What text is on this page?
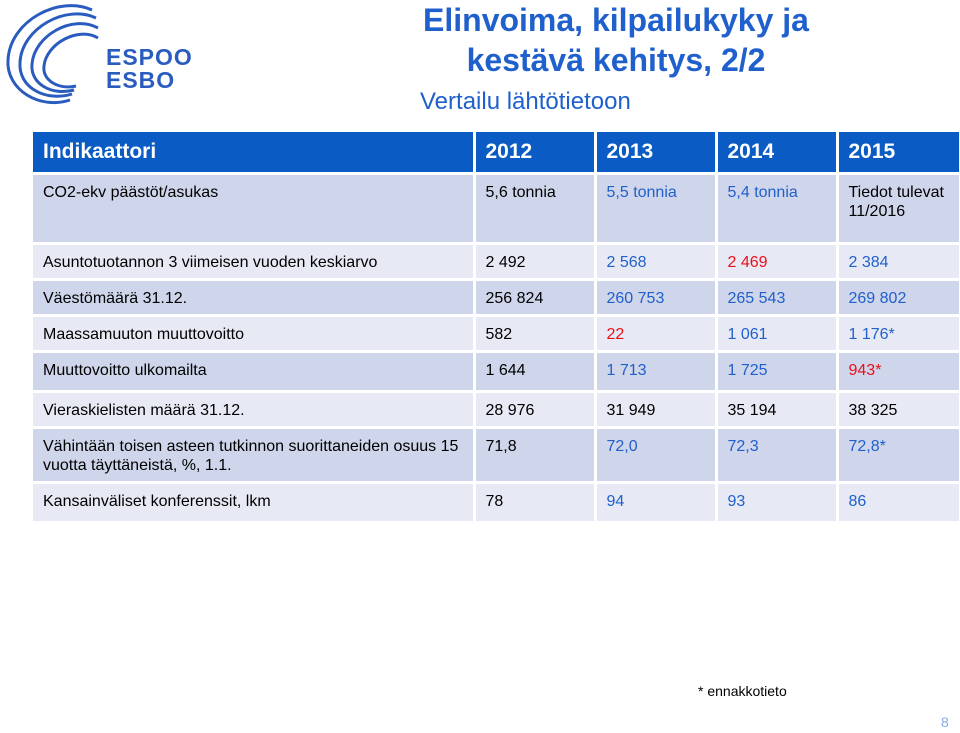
ESPOO
ESBO
Elinvoima, kilpailukyky ja
kestävä kehitys, 2/2
Vertailu lähtötietoon
Indikaattori	2012	2013	2014	2015
CO2-ekv päästöt/asukas	5,6 tonnia	5,5 tonnia	5,4 tonnia	Tiedot tulevat 11/2016
Asuntotuotannon 3 viimeisen vuoden keskiarvo	2 492	2 568	2 469	2 384
Väestömäärä 31.12.	256 824	260 753	265 543	269 802
Maassamuuton muuttovoitto	582	22	1 061	1 176*
Muuttovoitto ulkomailta	1 644	1 713	1 725	943*
Vieraskielisten määrä 31.12.	28 976	31 949	35 194	38 325
Vähintään toisen asteen tutkinnon suorittaneiden osuus 15 vuotta täyttäneistä, %, 1.1.	71,8	72,0	72,3	72,8*
Kansainväliset konferenssit, lkm	78	94	93	86
* ennakkotieto
8
